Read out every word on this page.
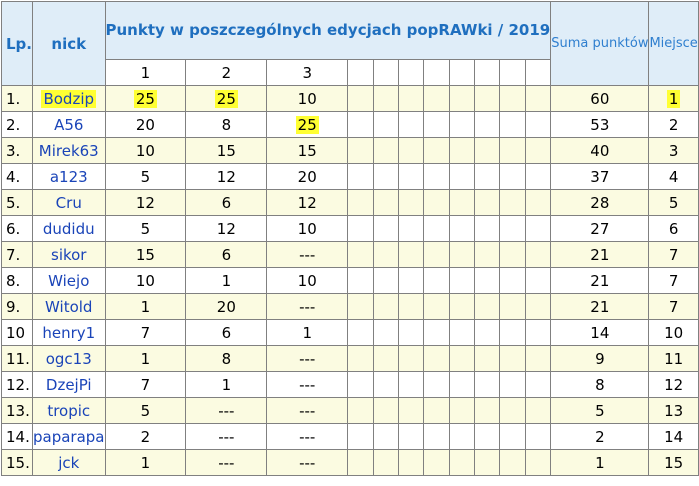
Lp.	nick	Punkty w poszczególnych edycjach popRAWki / 2019											Suma punktów	Miejsce
		1	2	3										
1.	Bodzip	25	25	10									60	1
2.	A56	20	8	25									53	2
3.	Mirek63	10	15	15									40	3
4.	a123	5	12	20									37	4
5.	Cru	12	6	12									28	5
6.	dudidu	5	12	10									27	6
7.	sikor	15	6	---									21	7
8.	Wiejo	10	1	10									21	7
9.	Witold	1	20	---									21	7
10	henry1	7	6	1									14	10
11.	ogc13	1	8	---									9	11
12.	DzejPi	7	1	---									8	12
13.	tropic	5	---	---									5	13
14.	paparapa	2	---	---									2	14
15.	jck	1	---	---									1	15
